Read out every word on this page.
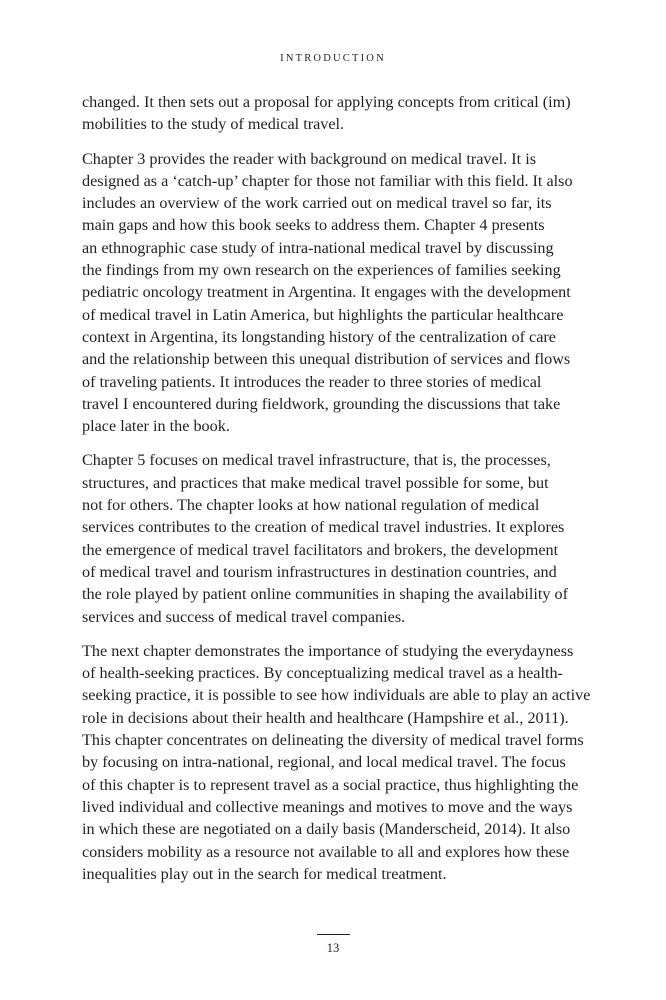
INTRODUCTION

changed. It then sets out a proposal for applying concepts from critical (im)
mobilities to the study of medical travel.

Chapter 3 provides the reader with background on medical travel. It is
designed as a ‘catch-up’ chapter for those not familiar with this field. It also
includes an overview of the work carried out on medical travel so far, its
main gaps and how this book seeks to address them. Chapter 4 presents
an ethnographic case study of intra-national medical travel by discussing
the findings from my own research on the experiences of families seeking
pediatric oncology treatment in Argentina. It engages with the development
of medical travel in Latin America, but highlights the particular healthcare
context in Argentina, its longstanding history of the centralization of care
and the relationship between this unequal distribution of services and flows
of traveling patients. It introduces the reader to three stories of medical
travel I encountered during fieldwork, grounding the discussions that take
place later in the book.

Chapter 5 focuses on medical travel infrastructure, that is, the processes,
structures, and practices that make medical travel possible for some, but
not for others. The chapter looks at how national regulation of medical
services contributes to the creation of medical travel industries. It explores
the emergence of medical travel facilitators and brokers, the development
of medical travel and tourism infrastructures in destination countries, and
the role played by patient online communities in shaping the availability of
services and success of medical travel companies.

The next chapter demonstrates the importance of studying the everydayness
of health-seeking practices. By conceptualizing medical travel as a health-
seeking practice, it is possible to see how individuals are able to play an active
role in decisions about their health and healthcare (Hampshire et al., 2011).
This chapter concentrates on delineating the diversity of medical travel forms
by focusing on intra-national, regional, and local medical travel. The focus
of this chapter is to represent travel as a social practice, thus highlighting the
lived individual and collective meanings and motives to move and the ways
in which these are negotiated on a daily basis (Manderscheid, 2014). It also
considers mobility as a resource not available to all and explores how these
inequalities play out in the search for medical treatment.

13
